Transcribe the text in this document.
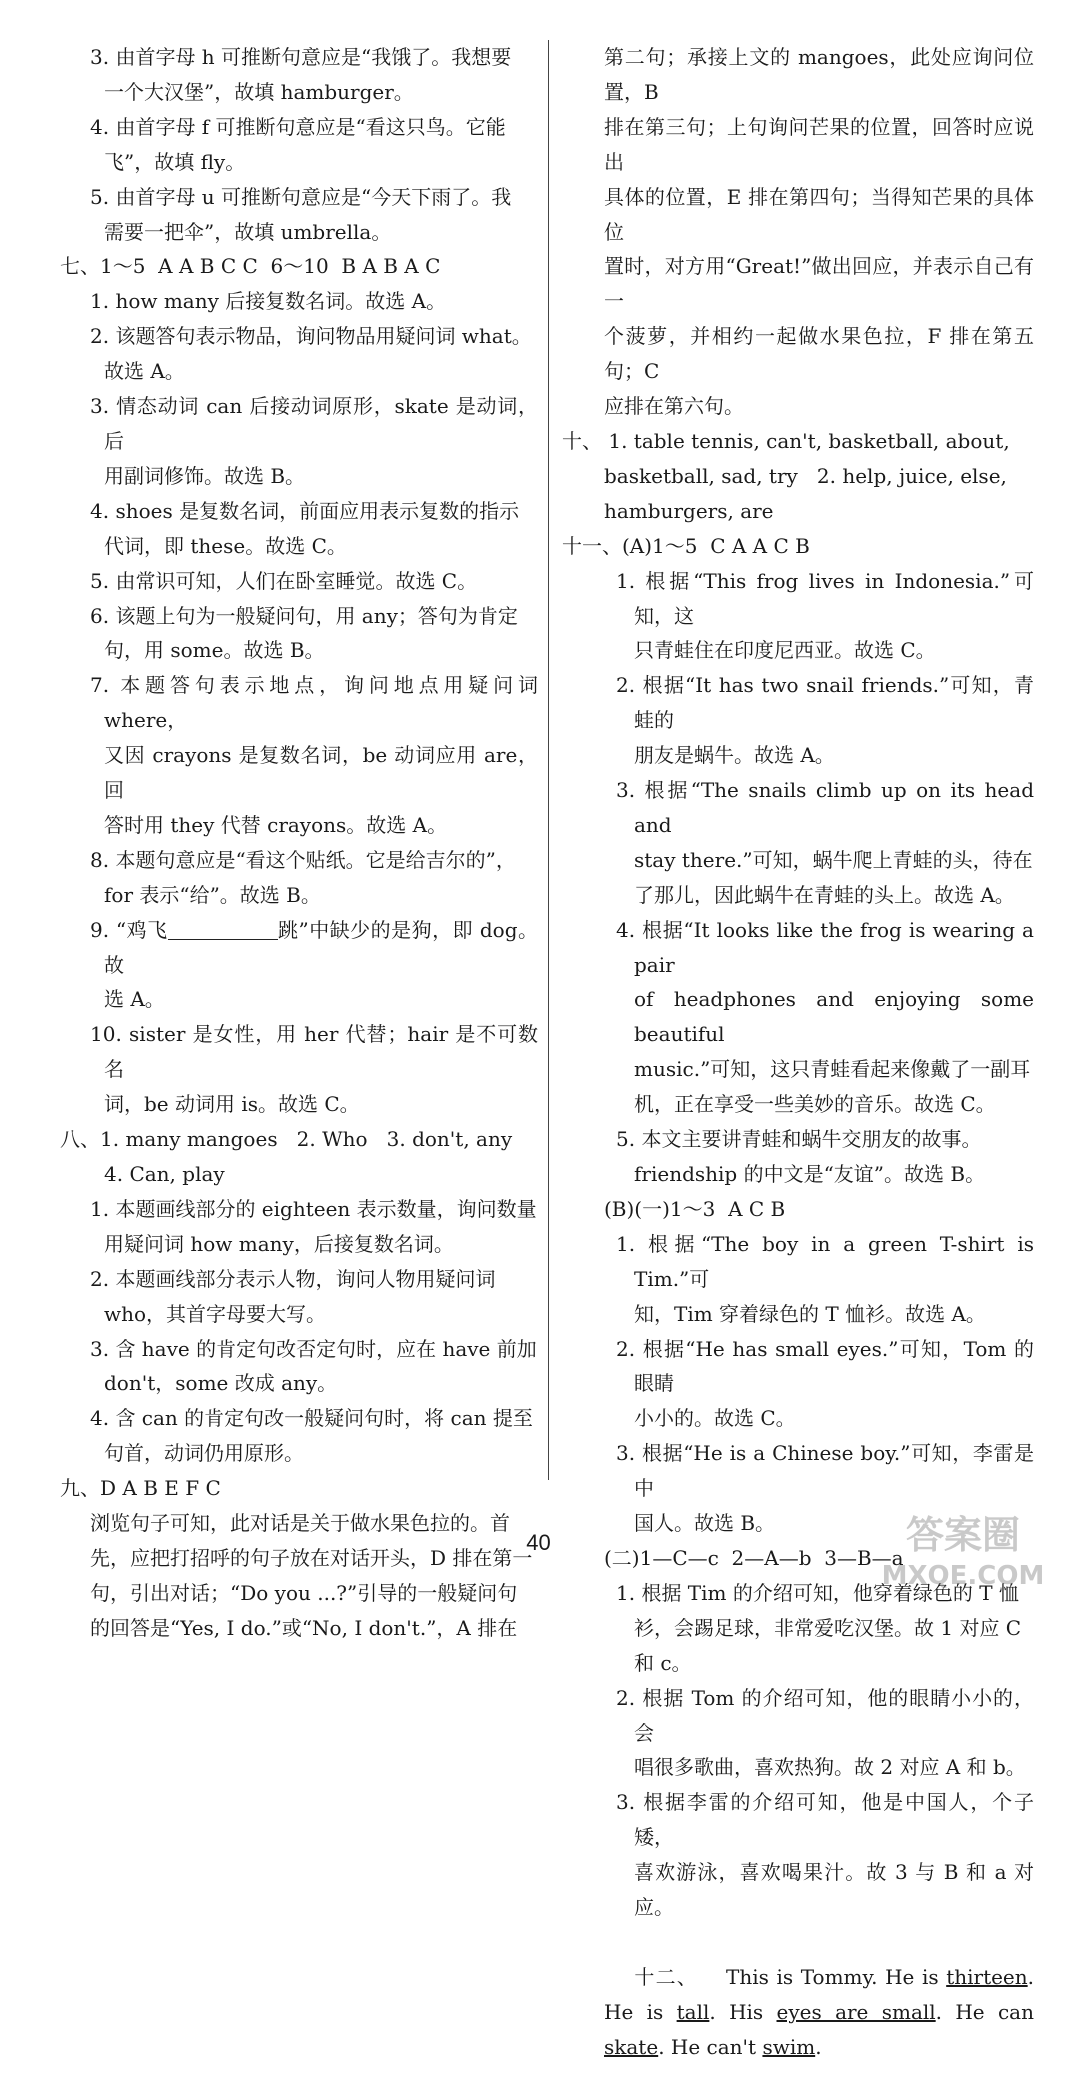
3. 由首字母 h 可推断句意应是“我饿了。我想要
一个大汉堡”，故填 hamburger。
4. 由首字母 f 可推断句意应是“看这只鸟。它能
飞”，故填 fly。
5. 由首字母 u 可推断句意应是“今天下雨了。我
需要一把伞”，故填 umbrella。
七、1～5  A A B C C  6～10  B A B A C
1. how many 后接复数名词。故选 A。
2. 该题答句表示物品，询问物品用疑问词 what。
故选 A。
3. 情态动词 can 后接动词原形，skate 是动词，后
用副词修饰。故选 B。
4. shoes 是复数名词，前面应用表示复数的指示
代词，即 these。故选 C。
5. 由常识可知，人们在卧室睡觉。故选 C。
6. 该题上句为一般疑问句，用 any；答句为肯定
句，用 some。故选 B。
7. 本题答句表示地点，询问地点用疑问词 where，
又因 crayons 是复数名词，be 动词应用 are，回
答时用 they 代替 crayons。故选 A。
8. 本题句意应是“看这个贴纸。它是给吉尔的”，
for 表示“给”。故选 B。
9. “鸡飞	跳”中缺少的是狗，即 dog。故
选 A。
10. sister 是女性，用 her 代替；hair 是不可数名
词，be 动词用 is。故选 C。
八、1. many mangoes   2. Who   3. don't, any
4. Can, play
1. 本题画线部分的 eighteen 表示数量，询问数量
用疑问词 how many，后接复数名词。
2. 本题画线部分表示人物，询问人物用疑问词
who，其首字母要大写。
3. 含 have 的肯定句改否定句时，应在 have 前加
don't，some 改成 any。
4. 含 can 的肯定句改一般疑问句时，将 can 提至
句首，动词仍用原形。
九、D A B E F C
浏览句子可知，此对话是关于做水果色拉的。首
先，应把打招呼的句子放在对话开头，D 排在第一
句，引出对话；“Do you ...?”引导的一般疑问句
的回答是“Yes, I do.”或“No, I don't.”，A 排在
第二句；承接上文的 mangoes，此处应询问位置，B
排在第三句；上句询问芒果的位置，回答时应说出
具体的位置，E 排在第四句；当得知芒果的具体位
置时，对方用“Great!”做出回应，并表示自己有一
个菠萝，并相约一起做水果色拉，F 排在第五句；C
应排在第六句。
十、 1. table tennis, can't, basketball, about,
basketball, sad, try   2. help, juice, else,
hamburgers, are
十一、(A)1～5  C A A C B
1. 根据“This frog lives in Indonesia.”可知，这
只青蛙住在印度尼西亚。故选 C。
2. 根据“It has two snail friends.”可知，青蛙的
朋友是蜗牛。故选 A。
3. 根据“The snails climb up on its head and
stay there.”可知，蜗牛爬上青蛙的头，待在
了那儿，因此蜗牛在青蛙的头上。故选 A。
4. 根据“It looks like the frog is wearing a pair
of headphones and enjoying some beautiful
music.”可知，这只青蛙看起来像戴了一副耳
机，正在享受一些美妙的音乐。故选 C。
5. 本文主要讲青蛙和蜗牛交朋友的故事。
friendship 的中文是“友谊”。故选 B。
(B)(一)1～3  A C B
1. 根据“The boy in a green T-shirt is Tim.”可
知，Tim 穿着绿色的 T 恤衫。故选 A。
2. 根据“He has small eyes.”可知，Tom 的眼睛
小小的。故选 C。
3. 根据“He is a Chinese boy.”可知，李雷是中
国人。故选 B。
(二)1—C—c  2—A—b  3—B—a
1. 根据 Tim 的介绍可知，他穿着绿色的 T 恤
衫，会踢足球，非常爱吃汉堡。故 1 对应 C
和 c。
2. 根据 Tom 的介绍可知，他的眼睛小小的，会
唱很多歌曲，喜欢热狗。故 2 对应 A 和 b。
3. 根据李雷的介绍可知，他是中国人，个子矮，
喜欢游泳，喜欢喝果汁。故 3 与 B 和 a 对应。

十二、 This is Tommy. He is thirteen. He is tall. His eyes are small. He can skate. He can't swim.

40	答案圈
MXQE.COM
